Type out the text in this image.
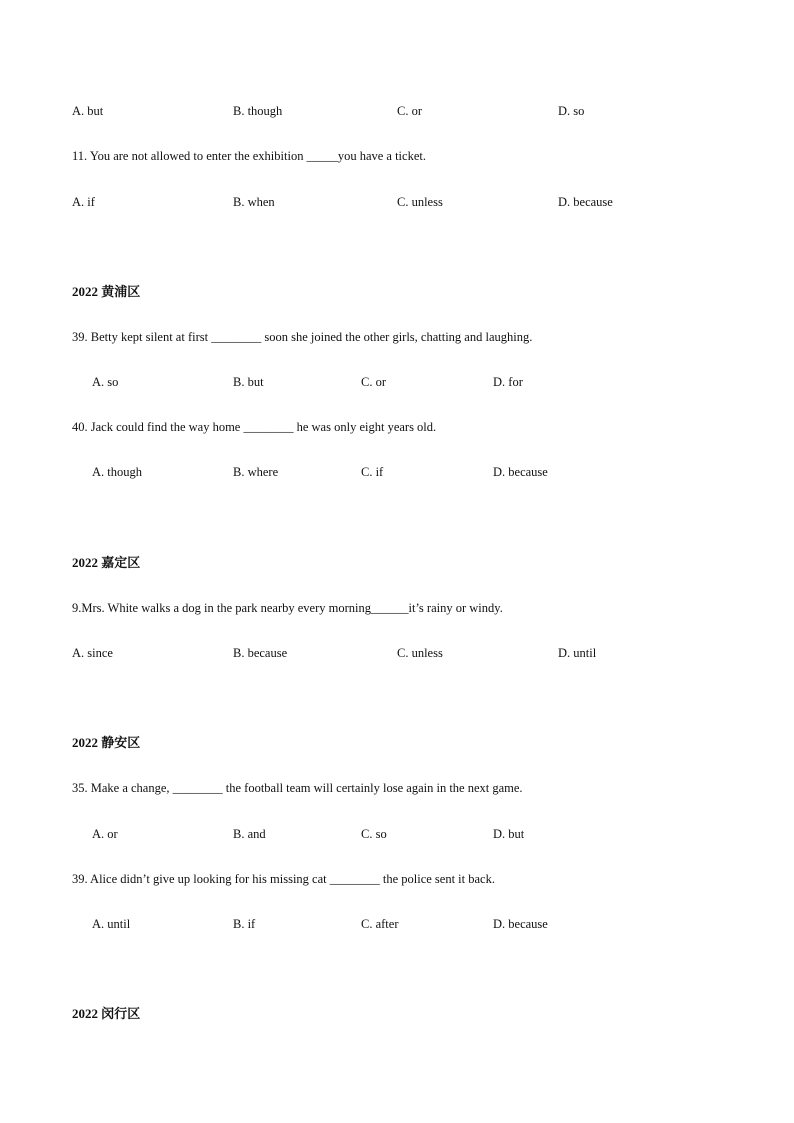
A. but	B. though	C. or	D. so
11. You are not allowed to enter the exhibition _____you have a ticket.
A. if	B. when	C. unless	D. because
2022 黄浦区
39. Betty kept silent at first ________ soon she joined the other girls, chatting and laughing.
A. so	B. but	C. or	D. for
40. Jack could find the way home ________ he was only eight years old.
A. though	B. where	C. if	D. because
2022 嘉定区
9.Mrs. White walks a dog in the park nearby every morning______it’s rainy or windy.
A. since	B. because	C. unless	D. until
2022 静安区
35. Make a change, ________ the football team will certainly lose again in the next game.
A. or	B. and	C. so	D. but
39. Alice didn’t give up looking for his missing cat ________ the police sent it back.
A. until	B. if	C. after	D. because
2022 闵行区
